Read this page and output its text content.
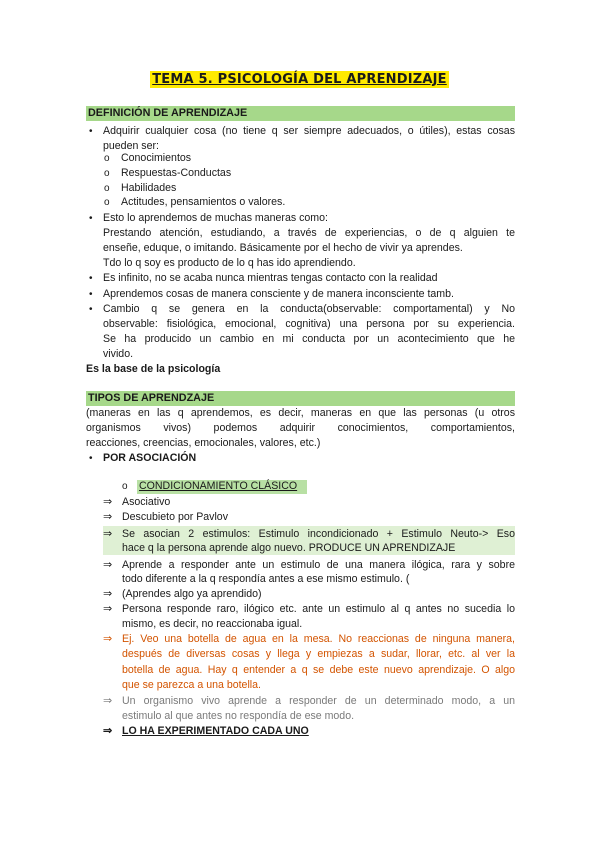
TEMA 5. PSICOLOGÍA DEL APRENDIZAJE
DEFINICIÓN DE APRENDIZAJE
• Adquirir cualquier cosa (no tiene q ser siempre adecuados, o útiles), estas cosas
pueden ser:
o Conocimientos
o Respuestas-Conductas
o Habilidades
o Actitudes, pensamientos o valores.
• Esto lo aprendemos de muchas maneras como:
Prestando atención, estudiando, a través de experiencias, o de q alguien te
enseñe, eduque, o imitando. Básicamente por el hecho de vivir ya aprendes.
Tdo lo q soy es producto de lo q has ido aprendiendo.
• Es infinito, no se acaba nunca mientras tengas contacto con la realidad
• Aprendemos cosas de manera consciente y de manera inconsciente tamb.
• Cambio q se genera en la conducta(observable: comportamental) y No
observable: fisiológica, emocional, cognitiva) una persona por su experiencia.
Se ha producido un cambio en mi conducta por un acontecimiento que he
vivido.
Es la base de la psicología
TIPOS DE APRENDZAJE
(maneras en las q aprendemos, es decir, maneras en que las personas (u otros
organismos vivos) podemos adquirir conocimientos, comportamientos,
reacciones, creencias, emocionales, valores, etc.)
• POR ASOCIACIÓN
o CONDICIONAMIENTO CLÁSICO
⇒ Asociativo
⇒ Descubieto por Pavlov
⇒ Se asocian 2 estimulos: Estimulo incondicionado + Estimulo Neuto-> Eso
hace q la persona aprende algo nuevo. PRODUCE UN APRENDIZAJE
⇒ Aprende a responder ante un estimulo de una manera ilógica, rara y sobre
todo diferente a la q respondía antes a ese mismo estimulo. (
⇒ (Aprendes algo ya aprendido)
⇒ Persona responde raro, ilógico etc. ante un estimulo al q antes no sucedia lo
mismo, es decir, no reaccionaba igual.
⇒ Ej. Veo una botella de agua en la mesa. No reaccionas de ninguna manera,
después de diversas cosas y llega y empiezas a sudar, llorar, etc. al ver la
botella de agua. Hay q entender a q se debe este nuevo aprendizaje. O algo
que se parezca a una botella.
⇒ Un organismo vivo aprende a responder de un determinado modo, a un
estimulo al que antes no respondía de ese modo.
⇒ LO HA EXPERIMENTADO CADA UNO
